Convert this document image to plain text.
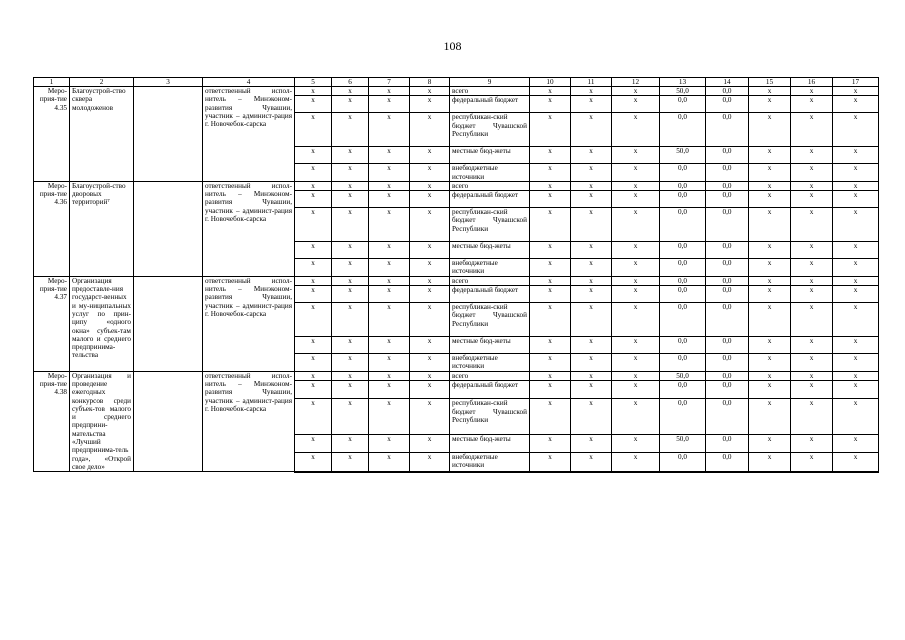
108
1	2	3	4	5	6	7	8	9	10	11	12	13	14	15	16	17
Меро-прия-тие 4.35	Благоустрой-ство сквера молодоженов		ответственный испол-нитель – Минэконом-развития Чувашии, участник – админист-рация г. Новочебок-сарска	х	х	х	х	всего	х	х	х	50,0	0,0	х	х	х
				х	х	х	х	федеральный бюджет	х	х	х	0,0	0,0	х	х	х
				х	х	х	х	республикан-ский бюджет Чувашской Республики	х	х	х	0,0	0,0	х	х	х
				х	х	х	х	местные бюд-жеты	х	х	х	50,0	0,0	х	х	х
				х	х	х	х	внебюджетные источники	х	х	х	0,0	0,0	х	х	х
Меро-прия-тие 4.36	Благоустрой-ство дворовых территорий⁷		ответственный испол-нитель – Минэконом-развития Чувашии, участник – админист-рация г. Новочебок-сарска	х	х	х	х	всего	х	х	х	0,0	0,0	х	х	х
				х	х	х	х	федеральный бюджет	х	х	х	0,0	0,0	х	х	х
				х	х	х	х	республикан-ский бюджет Чувашской Республики	х	х	х	0,0	0,0	х	х	х
				х	х	х	х	местные бюд-жеты	х	х	х	0,0	0,0	х	х	х
				х	х	х	х	внебюджетные источники	х	х	х	0,0	0,0	х	х	х
Меро-прия-тие 4.37	Организация предоставле-ния государст-венных и му-ниципальных услуг по прин-ципу «одного окна» субъек-там малого и среднего предпринима-тельства		ответственный испол-нитель – Минэконом-развития Чувашии, участник – админист-рация г. Новочебок-сарска	х	х	х	х	всего	х	х	х	0,0	0,0	х	х	х
				х	х	х	х	федеральный бюджет	х	х	х	0,0	0,0	х	х	х
				х	х	х	х	республикан-ский бюджет Чувашской Республики	х	х	х	0,0	0,0	х	х	х
				х	х	х	х	местные бюд-жеты	х	х	х	0,0	0,0	х	х	х
				х	х	х	х	внебюджетные источники	х	х	х	0,0	0,0	х	х	х
Меро-прия-тие 4.38	Организация и проведение ежегодных конкурсов среди субъек-тов малого и среднего предприни-мательства «Лучший предпринима-тель года», «Открой свое дело»		ответственный испол-нитель – Минэконом-развития Чувашии, участник – админист-рация г. Новочебок-сарска	х	х	х	х	всего	х	х	х	50,0	0,0	х	х	х
				х	х	х	х	федеральный бюджет	х	х	х	0,0	0,0	х	х	х
				х	х	х	х	республикан-ский бюджет Чувашской Республики	х	х	х	0,0	0,0	х	х	х
				х	х	х	х	местные бюд-жеты	х	х	х	50,0	0,0	х	х	х
				х	х	х	х	внебюджетные источники	х	х	х	0,0	0,0	х	х	х
